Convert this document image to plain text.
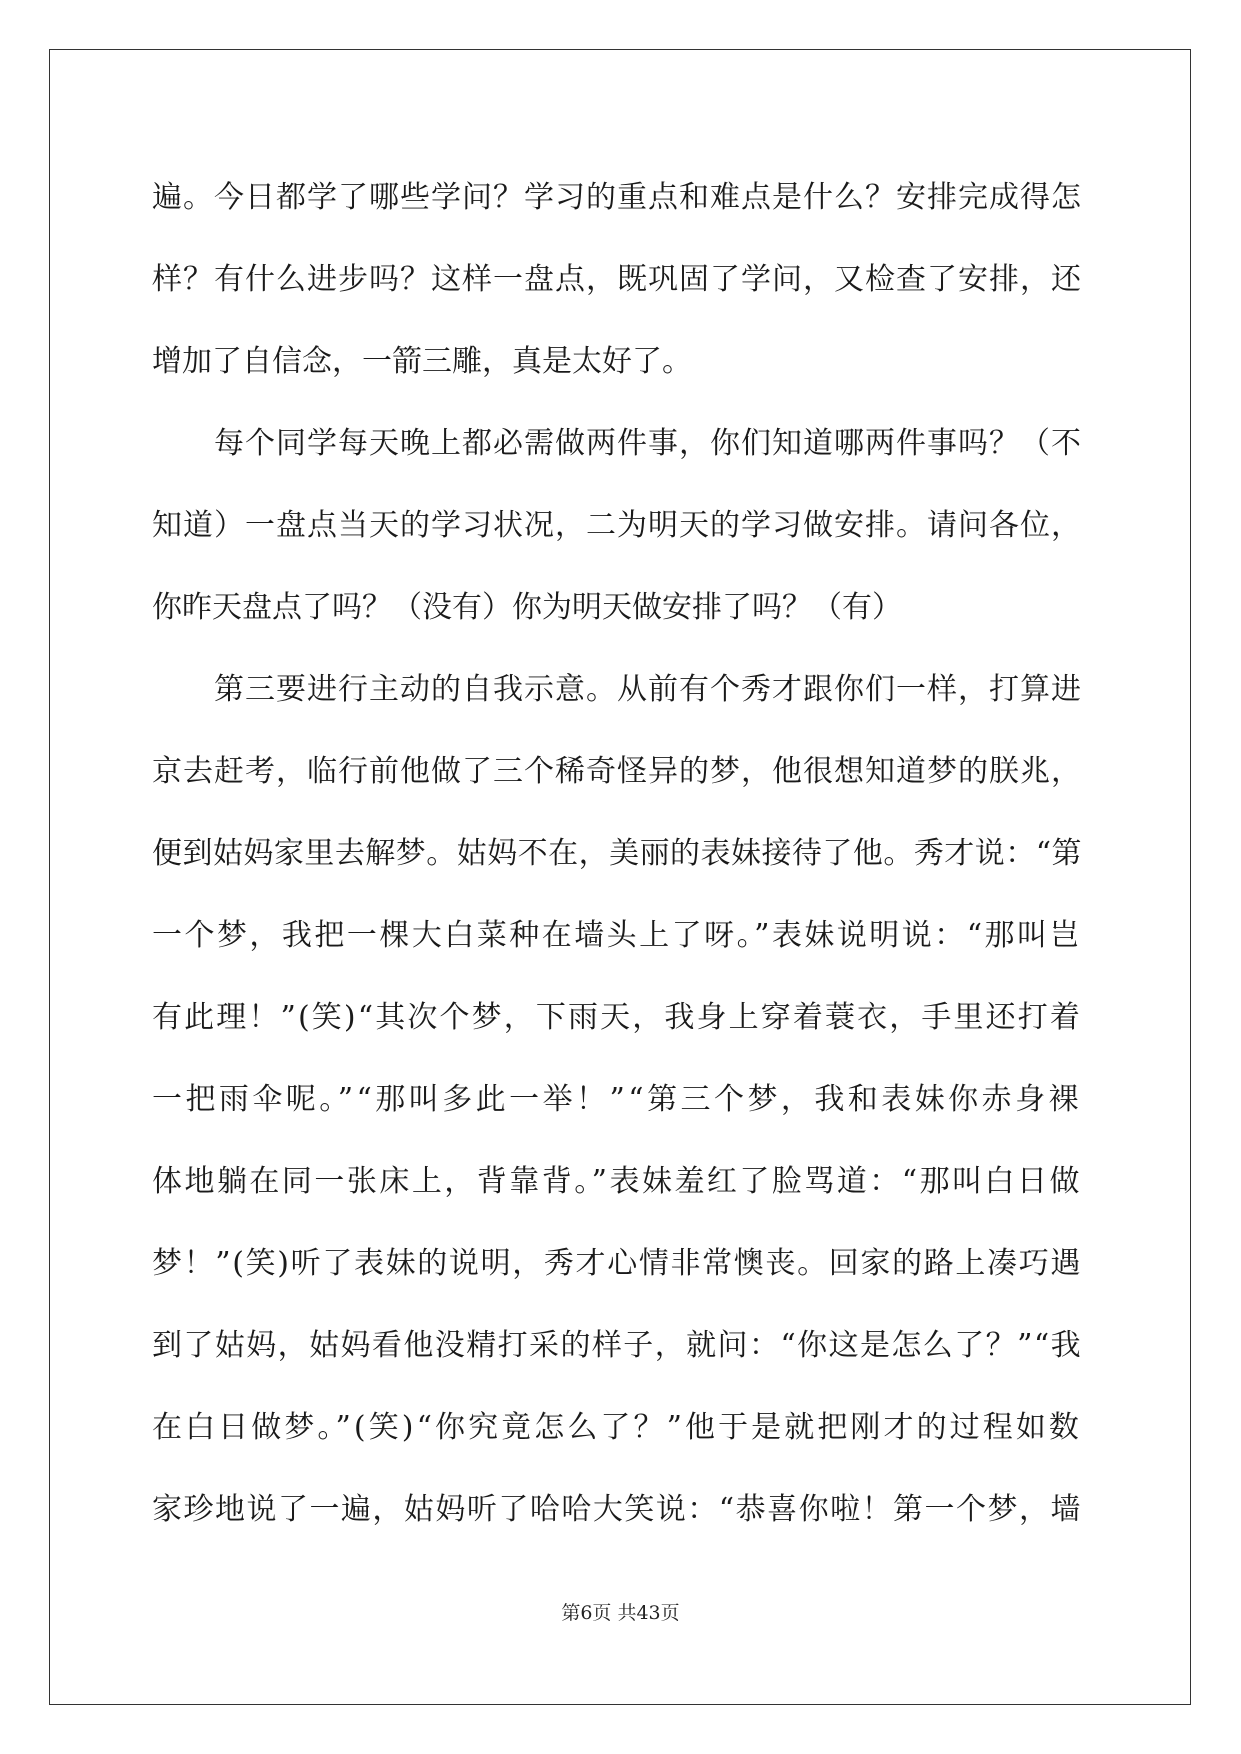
遍。今日都学了哪些学问？学习的重点和难点是什么？安排完成得怎
样？有什么进步吗？这样一盘点，既巩固了学问，又检查了安排，还
增加了自信念，一箭三雕，真是太好了。
每个同学每天晚上都必需做两件事，你们知道哪两件事吗？（不
知道）一盘点当天的学习状况，二为明天的学习做安排。请问各位，
你昨天盘点了吗？（没有）你为明天做安排了吗？（有）
第三要进行主动的自我示意。从前有个秀才跟你们一样，打算进
京去赶考，临行前他做了三个稀奇怪异的梦，他很想知道梦的朕兆，
便到姑妈家里去解梦。姑妈不在，美丽的表妹接待了他。秀才说：“第
一个梦，我把一棵大白菜种在墙头上了呀。”表妹说明说：“那叫岂
有此理！”(笑)“其次个梦，下雨天，我身上穿着蓑衣，手里还打着
一把雨伞呢。”“那叫多此一举！”“第三个梦，我和表妹你赤身裸
体地躺在同一张床上，背靠背。”表妹羞红了脸骂道：“那叫白日做
梦！”(笑)听了表妹的说明，秀才心情非常懊丧。回家的路上凑巧遇
到了姑妈，姑妈看他没精打采的样子，就问：“你这是怎么了？”“我
在白日做梦。”(笑)“你究竟怎么了？”他于是就把刚才的过程如数
家珍地说了一遍，姑妈听了哈哈大笑说：“恭喜你啦！第一个梦，墙
第6页 共43页
